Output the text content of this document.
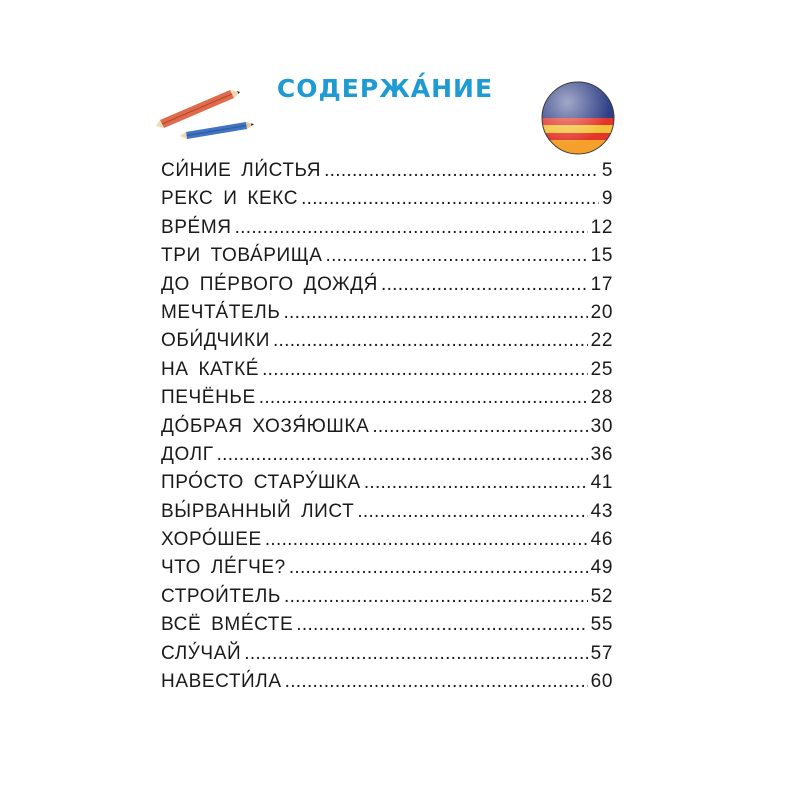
СОДЕРЖА́НИЕ
СИ́НИЕ ЛИ́СТЬЯ .....	5
РЕКС И КЕКС .....	9
ВРЕ́МЯ .....	12
ТРИ ТОВА́РИЩА .....	15
ДО ПЕ́РВОГО ДОЖДЯ́ .....	17
МЕЧТА́ТЕЛЬ .....	20
ОБИ́ДЧИКИ .....	22
НА КАТКЕ́ .....	25
ПЕЧЁНЬЕ .....	28
ДО́БРАЯ ХОЗЯ́ЮШКА .....	30
ДОЛГ .....	36
ПРО́СТО СТАРУ́ШКА .....	41
ВЫ́РВАННЫЙ ЛИСТ .....	43
ХОРО́ШЕЕ .....	46
ЧТО ЛЕ́ГЧЕ? .....	49
СТРОИ́ТЕЛЬ .....	52
ВСЁ ВМЕ́СТЕ .....	55
СЛУ́ЧАЙ .....	57
НАВЕСТИ́ЛА .....	60
